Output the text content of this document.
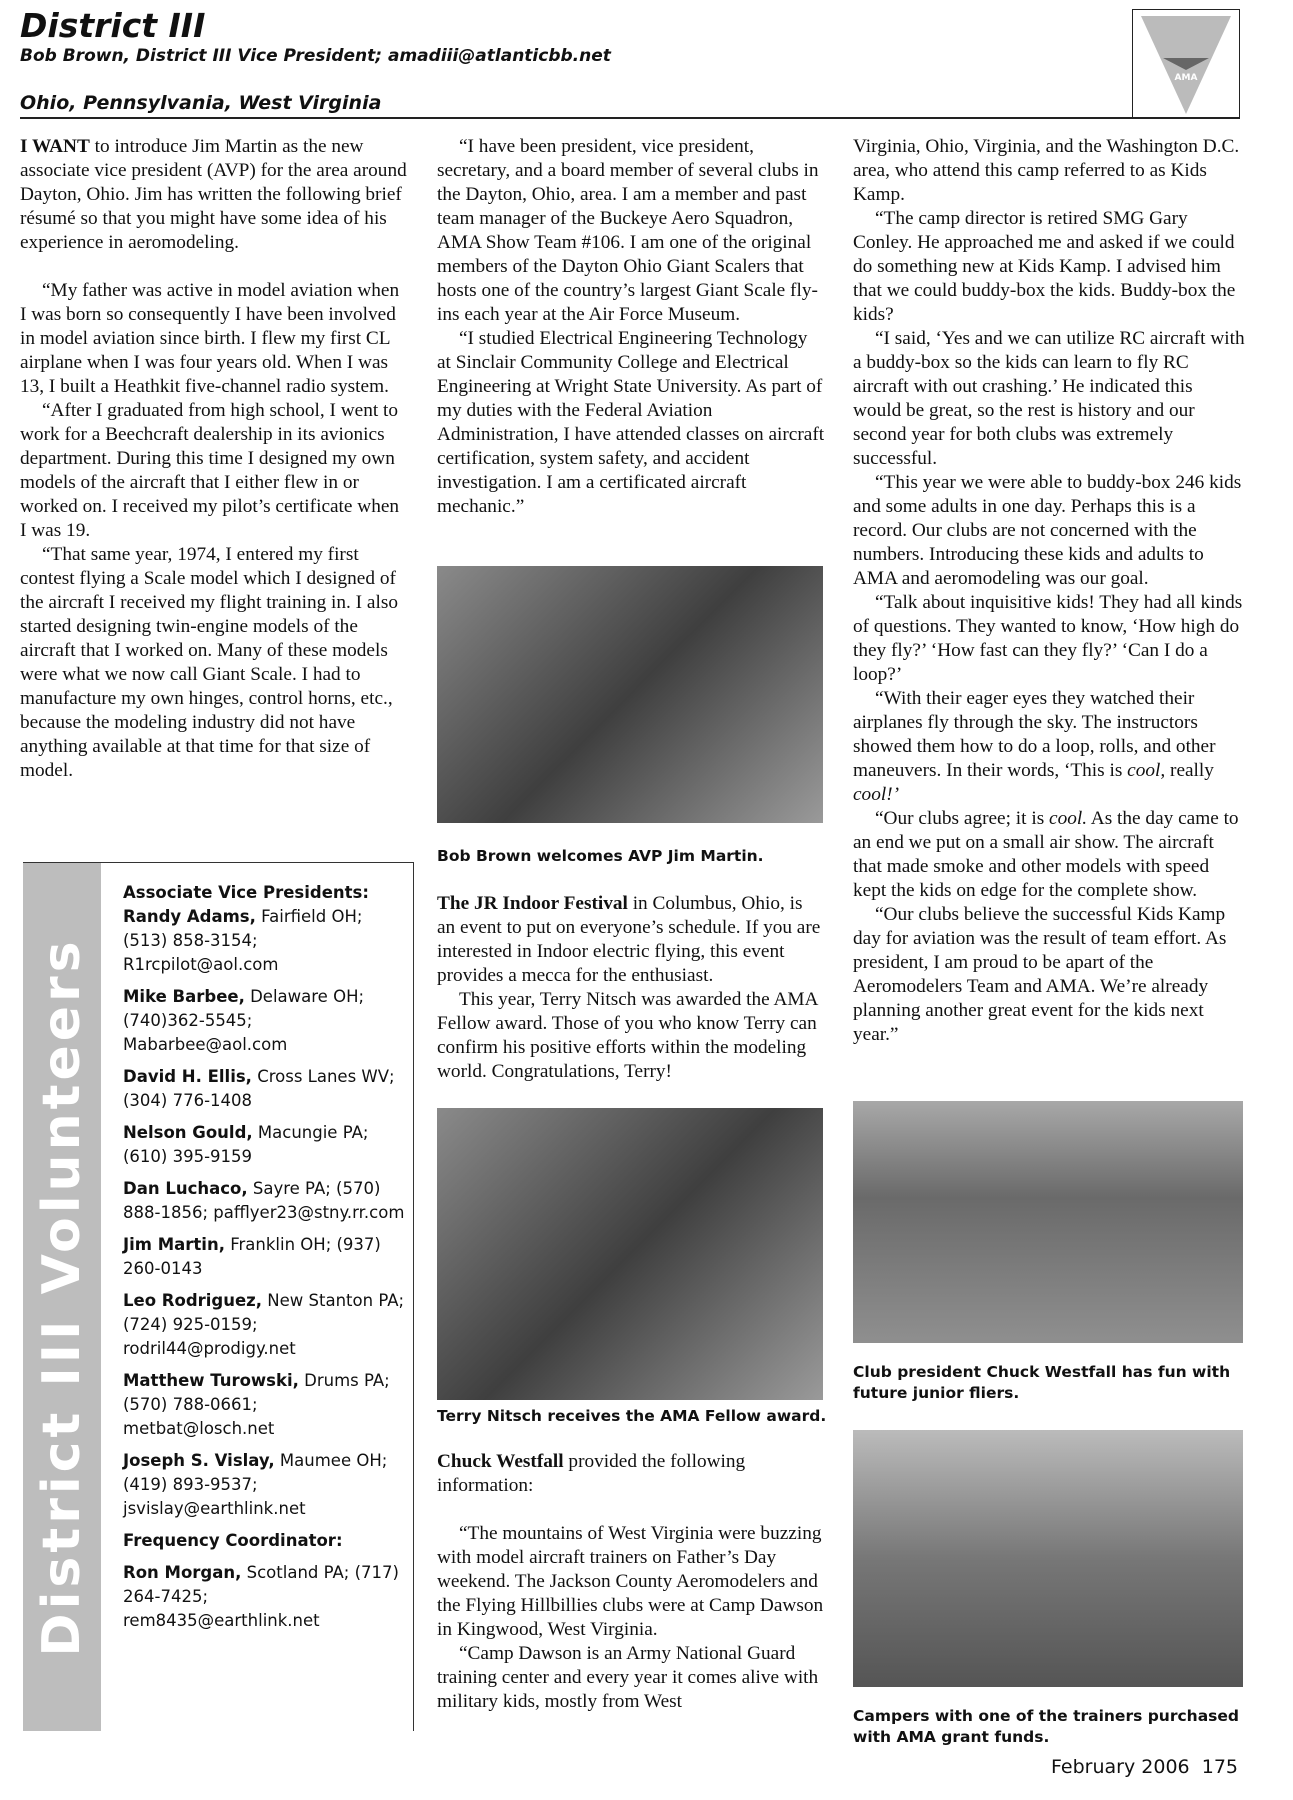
District III
Bob Brown, District III Vice President; amadiii@atlanticbb.net
Ohio, Pennsylvania, West Virginia
AMA

I WANT to introduce Jim Martin as the new associate vice president (AVP) for the area around Dayton, Ohio. Jim has written the following brief résumé so that you might have some idea of his experience in aeromodeling.

“My father was active in model aviation when I was born so consequently I have been involved in model aviation since birth. I flew my first CL airplane when I was four years old. When I was 13, I built a Heathkit five-channel radio system.

“After I graduated from high school, I went to work for a Beechcraft dealership in its avionics department. During this time I designed my own models of the aircraft that I either flew in or worked on. I received my pilot’s certificate when I was 19.

“That same year, 1974, I entered my first contest flying a Scale model which I designed of the aircraft I received my flight training in. I also started designing twin-engine models of the aircraft that I worked on. Many of these models were what we now call Giant Scale. I had to manufacture my own hinges, control horns, etc., because the modeling industry did not have anything available at that time for that size of model.

“I have been president, vice president, secretary, and a board member of several clubs in the Dayton, Ohio, area. I am a member and past team manager of the Buckeye Aero Squadron, AMA Show Team #106. I am one of the original members of the Dayton Ohio Giant Scalers that hosts one of the country’s largest Giant Scale fly-ins each year at the Air Force Museum.

“I studied Electrical Engineering Technology at Sinclair Community College and Electrical Engineering at Wright State University. As part of my duties with the Federal Aviation Administration, I have attended classes on aircraft certification, system safety, and accident investigation. I am a certificated aircraft mechanic.”

Bob Brown welcomes AVP Jim Martin.

The JR Indoor Festival in Columbus, Ohio, is an event to put on everyone’s schedule. If you are interested in Indoor electric flying, this event provides a mecca for the enthusiast.

This year, Terry Nitsch was awarded the AMA Fellow award. Those of you who know Terry can confirm his positive efforts within the modeling world. Congratulations, Terry!

Terry Nitsch receives the AMA Fellow award.

Chuck Westfall provided the following information:

“The mountains of West Virginia were buzzing with model aircraft trainers on Father’s Day weekend. The Jackson County Aeromodelers and the Flying Hillbillies clubs were at Camp Dawson in Kingwood, West Virginia.

“Camp Dawson is an Army National Guard training center and every year it comes alive with military kids, mostly from West

Virginia, Ohio, Virginia, and the Washington D.C. area, who attend this camp referred to as Kids Kamp.

“The camp director is retired SMG Gary Conley. He approached me and asked if we could do something new at Kids Kamp. I advised him that we could buddy-box the kids. Buddy-box the kids?

“I said, ‘Yes and we can utilize RC aircraft with a buddy-box so the kids can learn to fly RC aircraft with out crashing.’ He indicated this would be great, so the rest is history and our second year for both clubs was extremely successful.

“This year we were able to buddy-box 246 kids and some adults in one day. Perhaps this is a record. Our clubs are not concerned with the numbers. Introducing these kids and adults to AMA and aeromodeling was our goal.

“Talk about inquisitive kids! They had all kinds of questions. They wanted to know, ‘How high do they fly?’ ‘How fast can they fly?’ ‘Can I do a loop?’

“With their eager eyes they watched their airplanes fly through the sky. The instructors showed them how to do a loop, rolls, and other maneuvers. In their words, ‘This is cool, really cool!’

“Our clubs agree; it is cool. As the day came to an end we put on a small air show. The aircraft that made smoke and other models with speed kept the kids on edge for the complete show.

“Our clubs believe the successful Kids Kamp day for aviation was the result of team effort. As president, I am proud to be apart of the Aeromodelers Team and AMA. We’re already planning another great event for the kids next year.”

Club president Chuck Westfall has fun with future junior fliers.
Campers with one of the trainers purchased with AMA grant funds.
District III Volunteers
Associate Vice Presidents:
Randy Adams, Fairfield OH; (513) 858-3154; R1rcpilot@aol.com
Mike Barbee, Delaware OH; (740)362-5545; Mabarbee@aol.com
David H. Ellis, Cross Lanes WV; (304) 776-1408
Nelson Gould, Macungie PA; (610) 395-9159
Dan Luchaco, Sayre PA; (570) 888-1856; pafflyer23@stny.rr.com
Jim Martin, Franklin OH; (937) 260-0143
Leo Rodriguez, New Stanton PA; (724) 925-0159; rodril44@prodigy.net
Matthew Turowski, Drums PA; (570) 788-0661; metbat@losch.net
Joseph S. Vislay, Maumee OH; (419) 893-9537; jsvislay@earthlink.net
Frequency Coordinator:
Ron Morgan, Scotland PA; (717) 264-7425; rem8435@earthlink.net
February 2006 175
